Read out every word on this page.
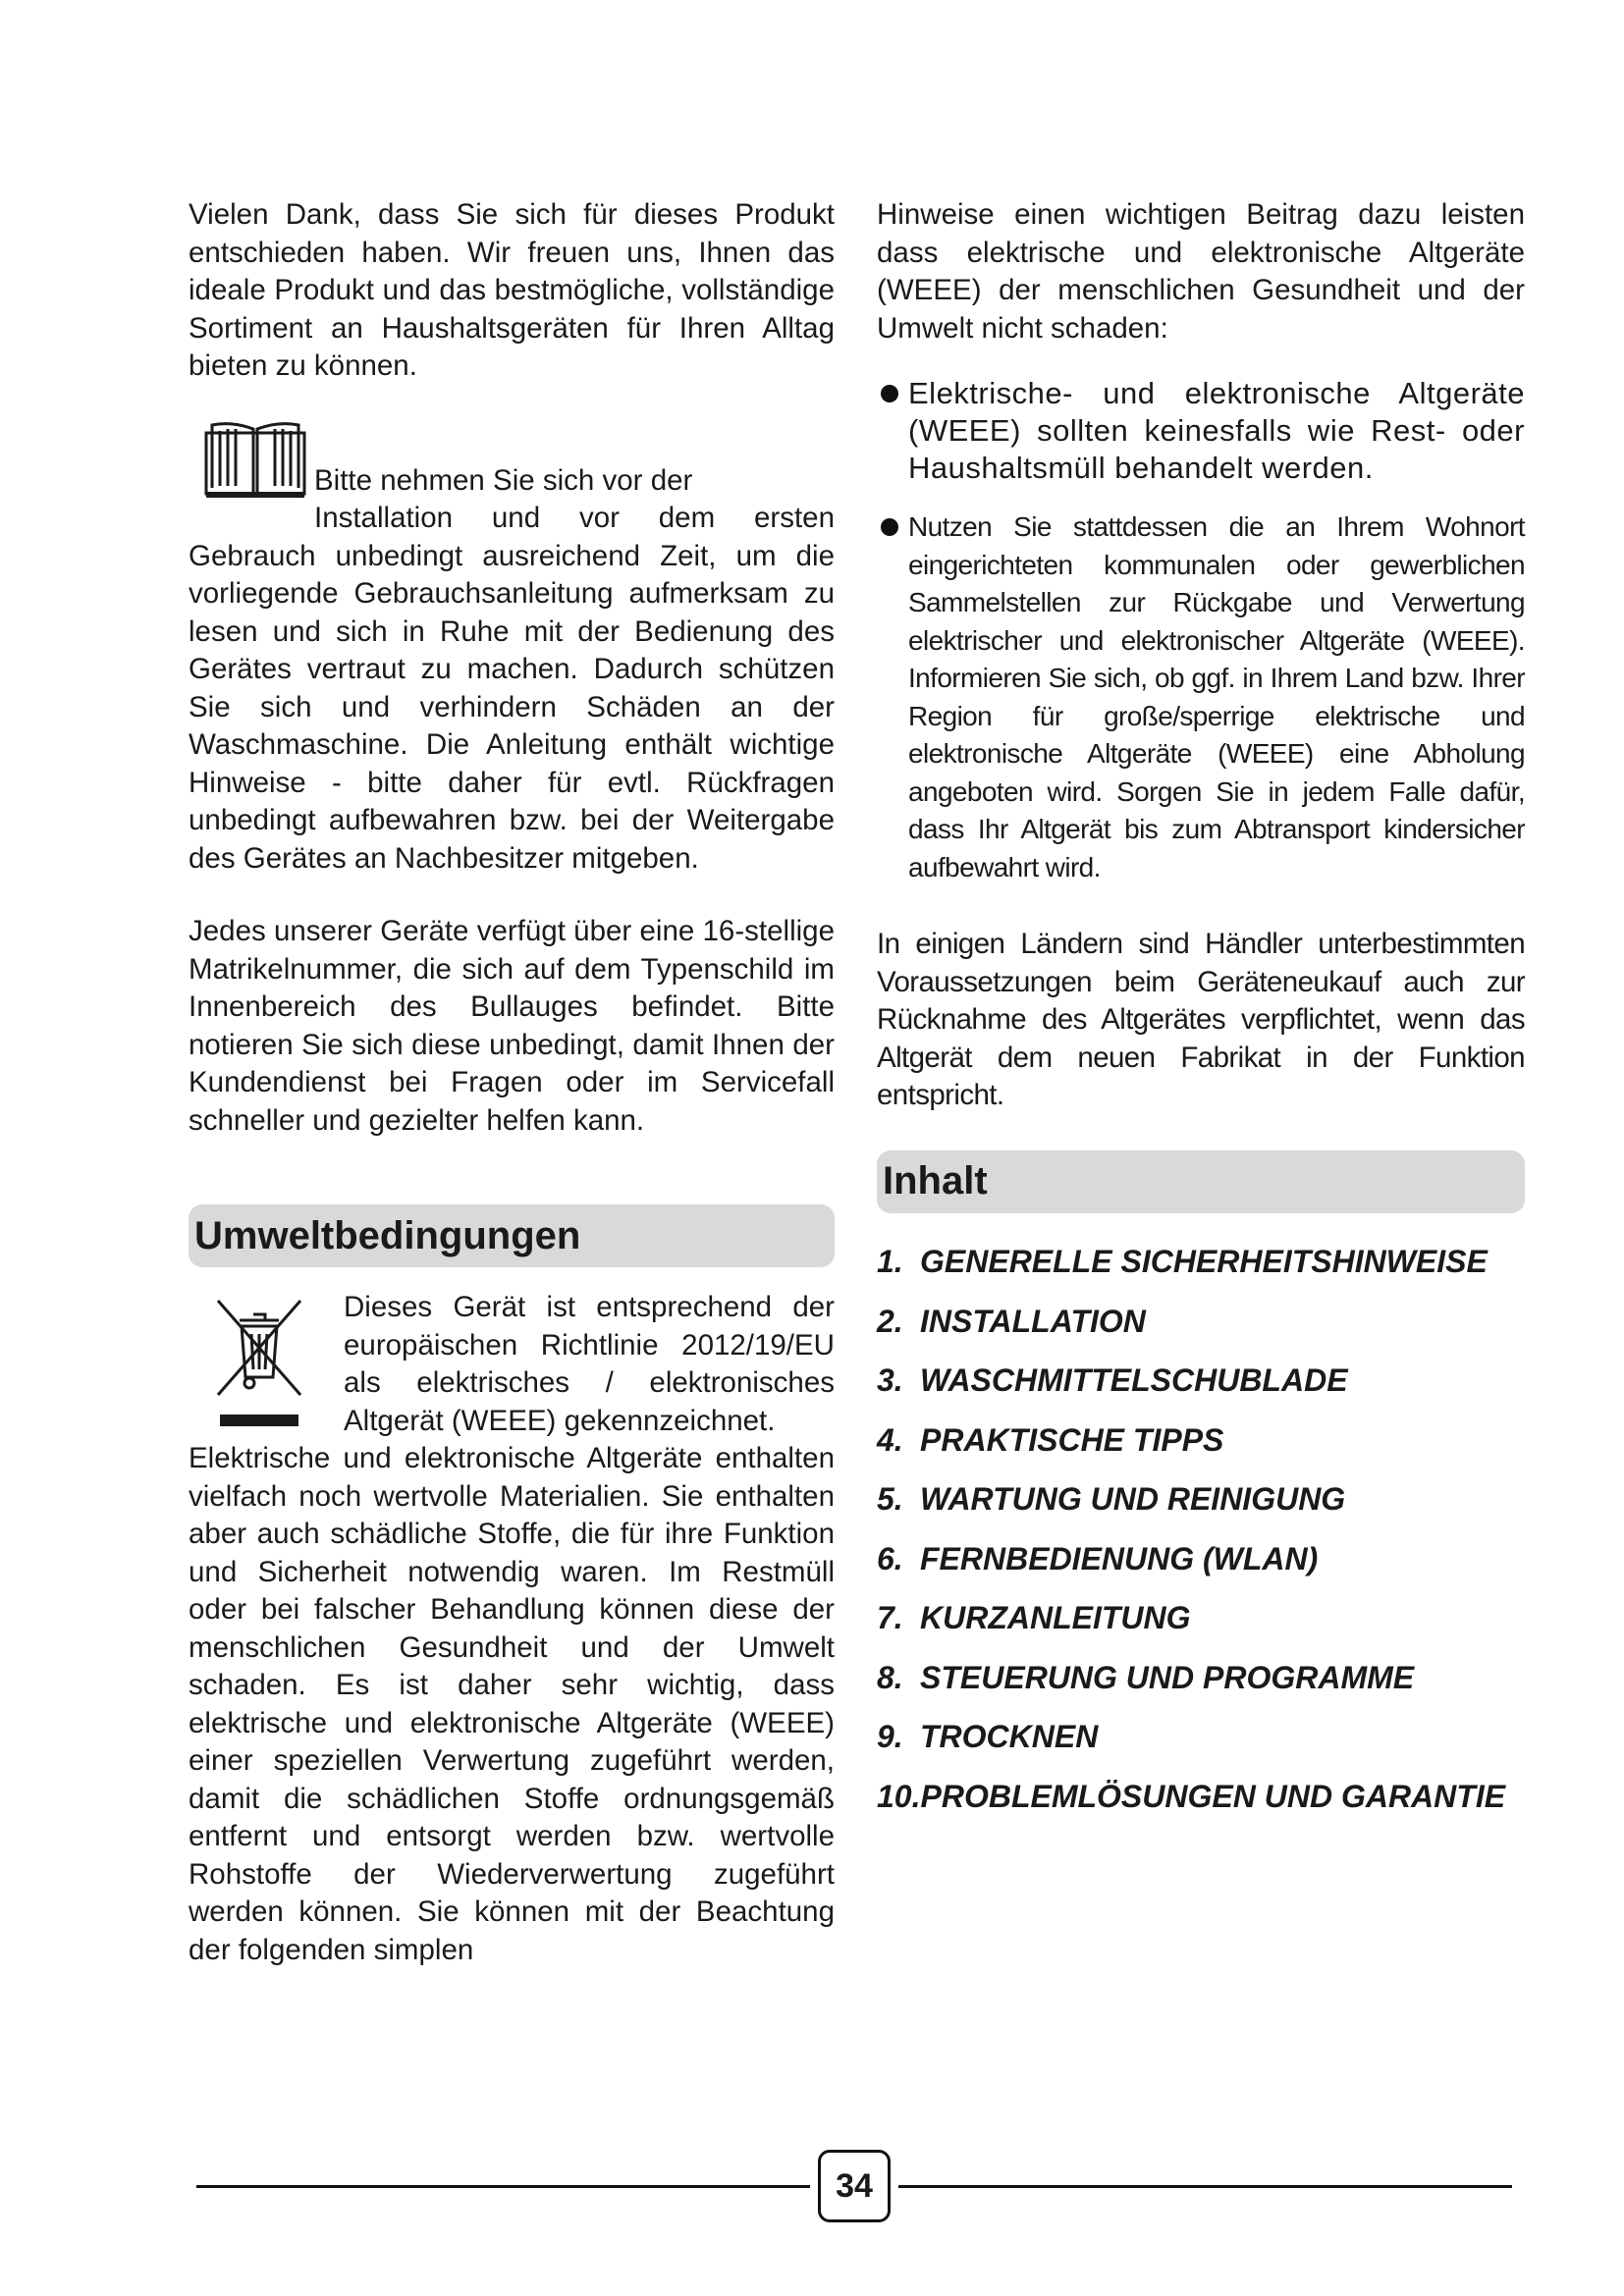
Vielen Dank, dass Sie sich für dieses Produkt entschieden haben. Wir freuen uns, Ihnen das ideale Produkt und das bestmögliche, vollständige Sortiment an Haushaltsgeräten für Ihren Alltag bieten zu können.

Bitte nehmen Sie sich vor der

Installation und vor dem ersten Gebrauch unbedingt ausreichend Zeit, um die vorliegende Gebrauchsanleitung aufmerksam zu lesen und sich in Ruhe mit der Bedienung des Gerätes vertraut zu machen. Dadurch schützen Sie sich und verhindern Schäden an der Waschmaschine. Die Anleitung enthält wichtige Hinweise - bitte daher für evtl. Rückfragen unbedingt aufbewahren bzw. bei der Weitergabe des Gerätes an Nachbesitzer mitgeben.

Jedes unserer Geräte verfügt über eine 16-stellige Matrikelnummer, die sich auf dem Typenschild im Innenbereich des Bullauges befindet. Bitte notieren Sie sich diese unbedingt, damit Ihnen der Kundendienst bei Fragen oder im Servicefall schneller und gezielter helfen kann.

Umweltbedingungen

Dieses Gerät ist entsprechend der europäischen Richtlinie 2012/19/EU als elektrisches / elektronisches Altgerät (WEEE) gekennzeichnet.

Elektrische und elektronische Altgeräte enthalten vielfach noch wertvolle Materialien. Sie enthalten aber auch schädliche Stoffe, die für ihre Funktion und Sicherheit notwendig waren. Im Restmüll oder bei falscher Behandlung können diese der menschlichen Gesundheit und der Umwelt schaden. Es ist daher sehr wichtig, dass elektrische und elektronische Altgeräte (WEEE) einer speziellen Verwertung zugeführt werden, damit die schädlichen Stoffe ordnungsgemäß entfernt und entsorgt werden bzw. wertvolle Rohstoffe der Wiederverwertung zugeführt werden können. Sie können mit der Beachtung der folgenden simplen

Hinweise einen wichtigen Beitrag dazu leisten dass elektrische und elektronische Altgeräte (WEEE) der menschlichen Gesundheit und der Umwelt nicht schaden:

Elektrische- und elektronische Altgeräte (WEEE) sollten keinesfalls wie Rest- oder Haushaltsmüll behandelt werden.

Nutzen Sie stattdessen die an Ihrem Wohnort eingerichteten kommunalen oder gewerblichen Sammelstellen zur Rückgabe und Verwertung elektrischer und elektronischer Altgeräte (WEEE). Informieren Sie sich, ob ggf. in Ihrem Land bzw. Ihrer Region für große/sperrige elektrische und elektronische Altgeräte (WEEE) eine Abholung angeboten wird. Sorgen Sie in jedem Falle dafür, dass Ihr Altgerät bis zum Abtransport kindersicher aufbewahrt wird.

In einigen Ländern sind Händler unterbestimmten Voraussetzungen beim Geräteneukauf auch zur Rücknahme des Altgerätes verpflichtet, wenn das Altgerät dem neuen Fabrikat in der Funktion entspricht.

Inhalt
1. GENERELLE SICHERHEITSHINWEISE
2. INSTALLATION
3. WASCHMITTELSCHUBLADE
4. PRAKTISCHE TIPPS
5. WARTUNG UND REINIGUNG
6. FERNBEDIENUNG (WLAN)
7. KURZANLEITUNG
8. STEUERUNG UND PROGRAMME
9. TROCKNEN
10. PROBLEMLÖSUNGEN UND GARANTIE
34
